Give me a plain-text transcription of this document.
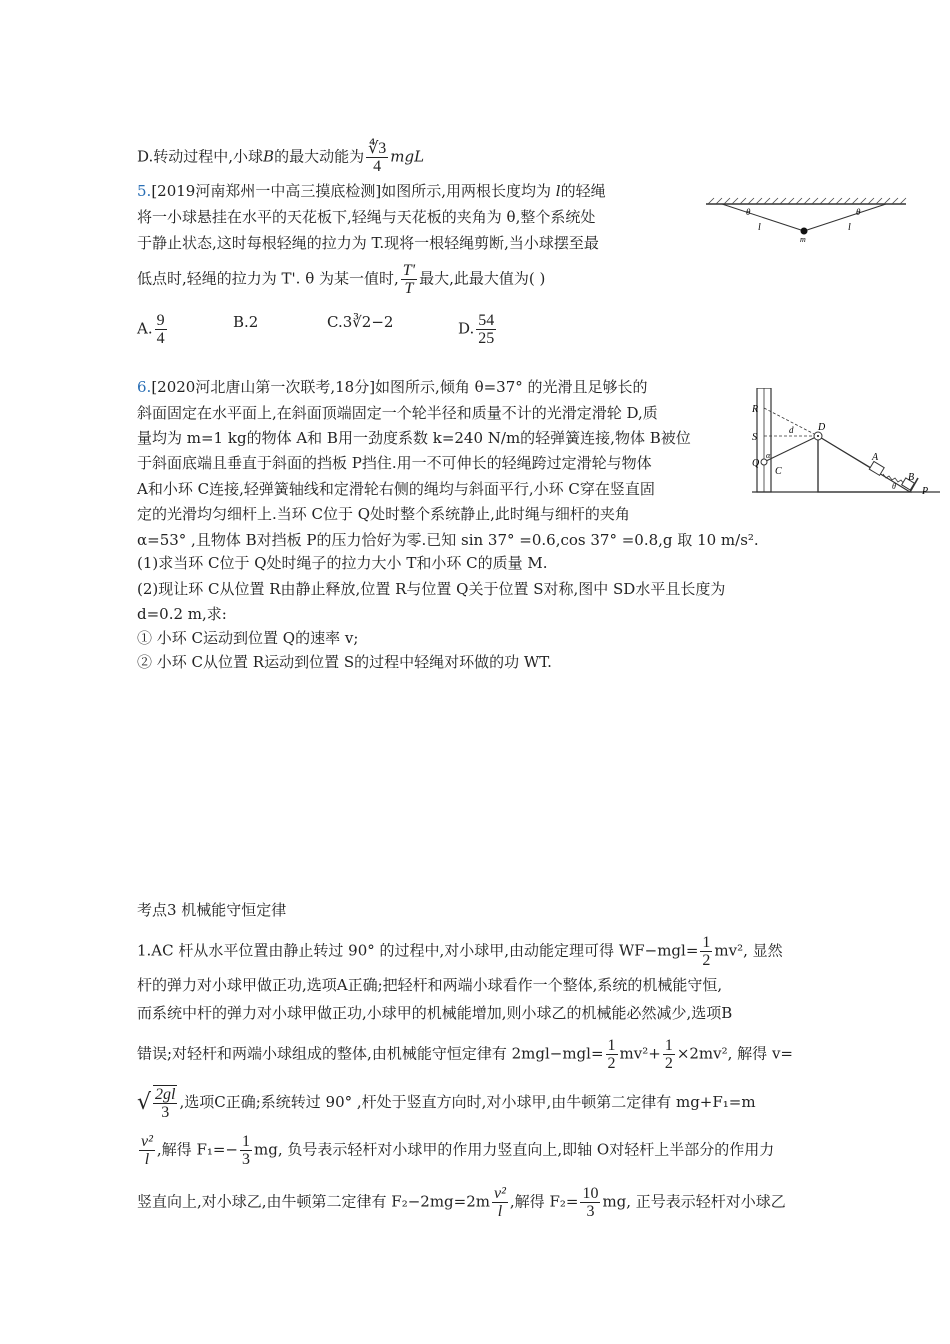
D.转动过程中,小球B的最大动能为 $\frac{∜3}{4}$ mgL
5.[2019河南郑州一中高三摸底检测]如图所示,用两根长度均为 l的轻绳
将一小球悬挂在水平的天花板下,轻绳与天花板的夹角为 θ,整个系统处
于静止状态,这时每根轻绳的拉力为 T.现将一根轻绳剪断,当小球摆至最
低点时,轻绳的拉力为 T'. θ 为某一值时, $\frac{T'}{T}$ 最大,此最大值为( )
A. $\frac{9}{4}$	B.2	C.3∛2−2	D. $\frac{54}{25}$
θ	θ
l	l
m
6.[2020河北唐山第一次联考,18分]如图所示,倾角 θ=37° 的光滑且足够长的
斜面固定在水平面上,在斜面顶端固定一个轮半径和质量不计的光滑定滑轮 D,质
量均为 m=1 kg的物体 A和 B用一劲度系数 k=240 N/m的轻弹簧连接,物体 B被位
于斜面底端且垂直于斜面的挡板 P挡住.用一不可伸长的轻绳跨过定滑轮与物体
A和小环 C连接,轻弹簧轴线和定滑轮右侧的绳均与斜面平行,小环 C穿在竖直固
定的光滑均匀细杆上.当环 C位于 Q处时整个系统静止,此时绳与细杆的夹角
α=53° ,且物体 B对挡板 P的压力恰好为零.已知 sin 37° =0.6,cos 37° =0.8,g 取 10 m/s².
(1)求当环 C位于 Q处时绳子的拉力大小 T和小环 C的质量 M.
(2)现让环 C从位置 R由静止释放,位置 R与位置 Q关于位置 S对称,图中 SD水平且长度为
d=0.2 m,求:
① 小环 C运动到位置 Q的速率 v;
② 小环 C从位置 R运动到位置 S的过程中轻绳对环做的功 WT.
R
S
Q
C
α
d D
A
B
P
θ
考点3 机械能守恒定律
1.AC 杆从水平位置由静止转过 90° 的过程中,对小球甲,由动能定理可得 $WF-mgl= \frac{1}{2} mv^2$, 显然
杆的弹力对小球甲做正功,选项A正确;把轻杆和两端小球看作一个整体,系统的机械能守恒,
而系统中杆的弹力对小球甲做正功,小球甲的机械能增加,则小球乙的机械能必然减少,选项B
错误;对轻杆和两端小球组成的整体,由机械能守恒定律有 $2mgl-mgl= \frac{1}{2} mv^2+ \frac{1}{2} \times 2mv^2$, 解得 v=
√ $\frac{2gl}{3}$ ,选项C正确;系统转过 90° ,杆处于竖直方向时,对小球甲,由牛顿第二定律有 mg+F₁=m
$\frac{\text{v²}}{l}$ ,解得 $F_1=- \frac{1}{3}$ mg, 负号表示轻杆对小球甲的作用力竖直向上,即轴 O对轻杆上半部分的作用力
竖直向上,对小球乙,由牛顿第二定律有 $F_2-2mg=2m \frac{\text{v²}}{l}$ ,解得 $F_2= \frac{10}{3}$ mg, 正号表示轻杆对小球乙
